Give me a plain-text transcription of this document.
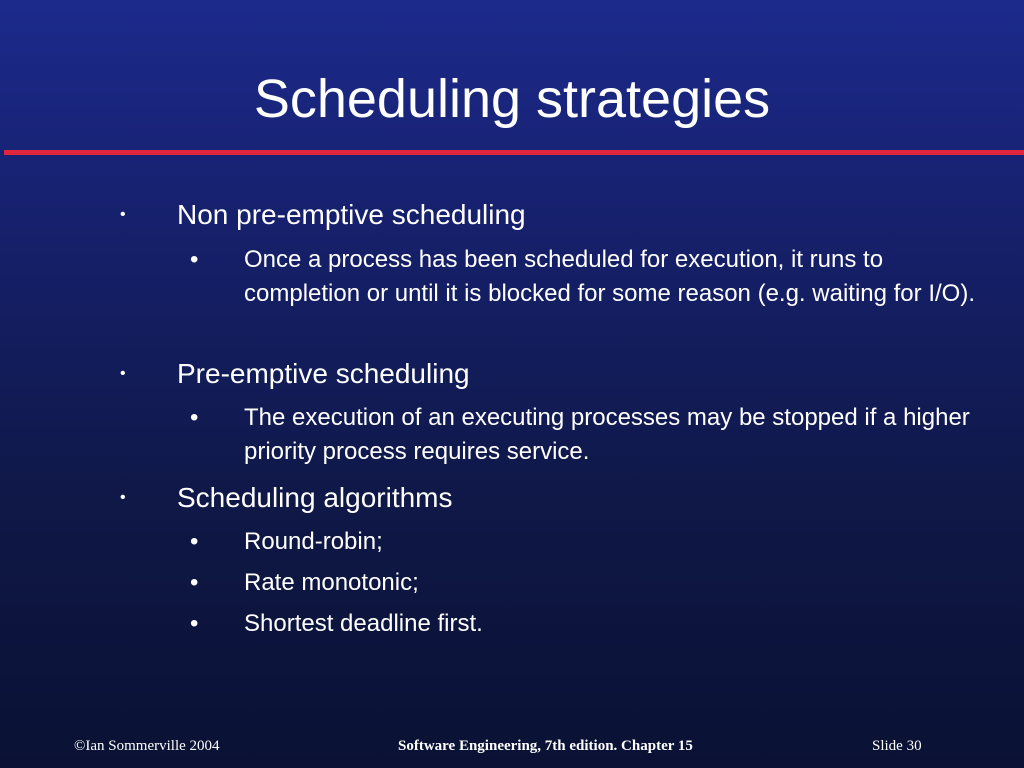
Scheduling strategies
•	Non pre-emptive scheduling
•	Once a process has been scheduled for execution, it runs to completion or until it is blocked for some reason (e.g. waiting for I/O).
•	Pre-emptive scheduling
•	The execution of an executing processes may be stopped if a higher priority process requires service.
•	Scheduling algorithms
•	Round-robin;
•	Rate monotonic;
•	Shortest deadline first.
©Ian Sommerville 2004	Software Engineering, 7th edition. Chapter 15	Slide 30
